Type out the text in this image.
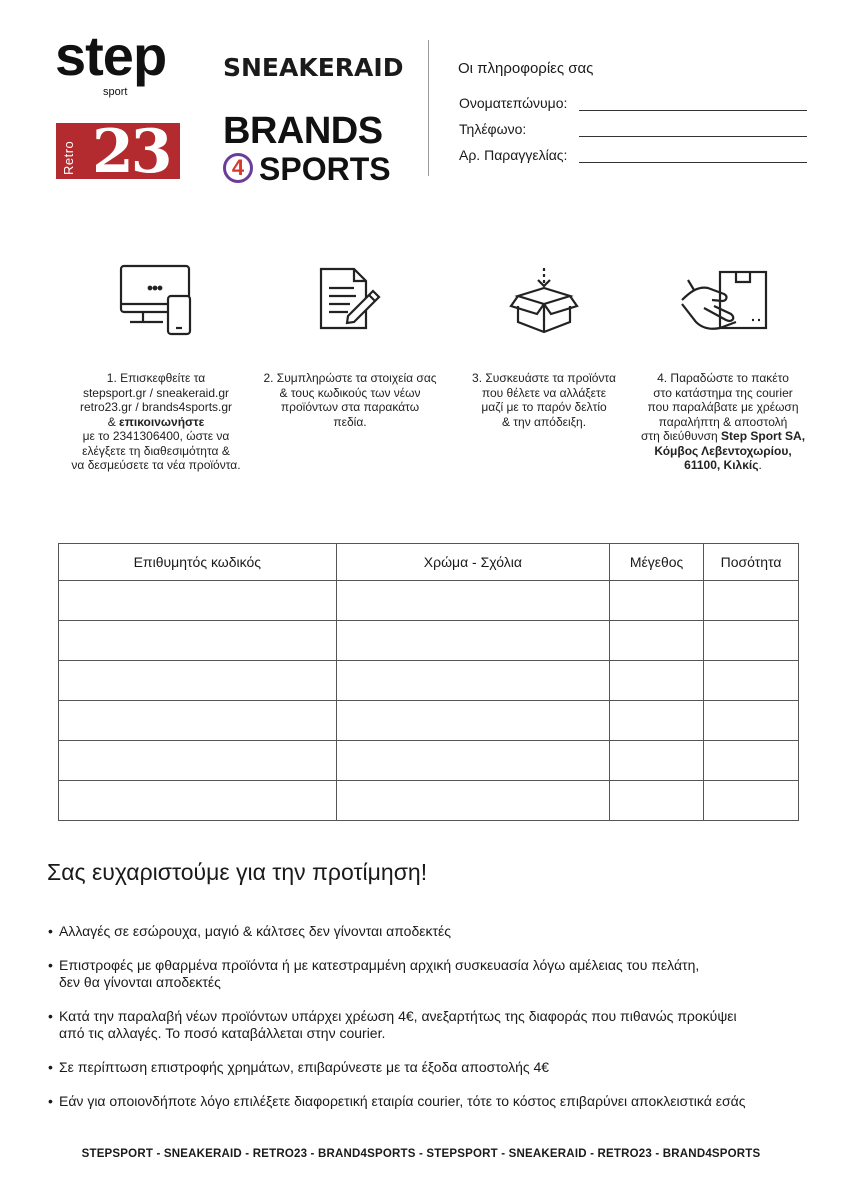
step
sport
SNEAKERAID
Retro 23 BRANDS
4 SPORTS
Οι πληροφορίες σας
Ονοματεπώνυμο:
Τηλέφωνο:
Αρ. Παραγγελίας:
1. Επισκεφθείτε τα
stepsport.gr / sneakeraid.gr
retro23.gr / brands4sports.gr
& επικοινωνήστε
με το 2341306400, ώστε να
ελέγξετε τη διαθεσιμότητα &
να δεσμεύσετε τα νέα προϊόντα.
2. Συμπληρώστε τα στοιχεία σας
& τους κωδικούς των νέων
προϊόντων στα παρακάτω
πεδία.
3. Συσκευάστε τα προϊόντα
που θέλετε να αλλάξετε
μαζί με το παρόν δελτίο
& την απόδειξη.
4. Παραδώστε το πακέτο
στο κατάστημα της courier
που παραλάβατε με χρέωση
παραλήπτη & αποστολή
στη διεύθυνση Step Sport SA,
Κόμβος Λεβεντοχωρίου,
61100, Κιλκίς.
Επιθυμητός κωδικός	Χρώμα - Σχόλια	Μέγεθος	Ποσότητα

Σας ευχαριστούμε για την προτίμηση!
• Αλλαγές σε εσώρουχα, μαγιό & κάλτσες δεν γίνονται αποδεκτές
• Επιστροφές με φθαρμένα προϊόντα ή με κατεστραμμένη αρχική συσκευασία λόγω αμέλειας του πελάτη,
δεν θα γίνονται αποδεκτές
• Κατά την παραλαβή νέων προϊόντων υπάρχει χρέωση 4€, ανεξαρτήτως της διαφοράς που πιθανώς προκύψει
από τις αλλαγές. Το ποσό καταβάλλεται στην courier.
• Σε περίπτωση επιστροφής χρημάτων, επιβαρύνεστε με τα έξοδα αποστολής 4€
• Εάν για οποιονδήποτε λόγο επιλέξετε διαφορετική εταιρία courier, τότε το κόστος επιβαρύνει αποκλειστικά εσάς
STEPSPORT - SNEAKERAID - RETRO23 - BRAND4SPORTS - STEPSPORT - SNEAKERAID - RETRO23 - BRAND4SPORTS
